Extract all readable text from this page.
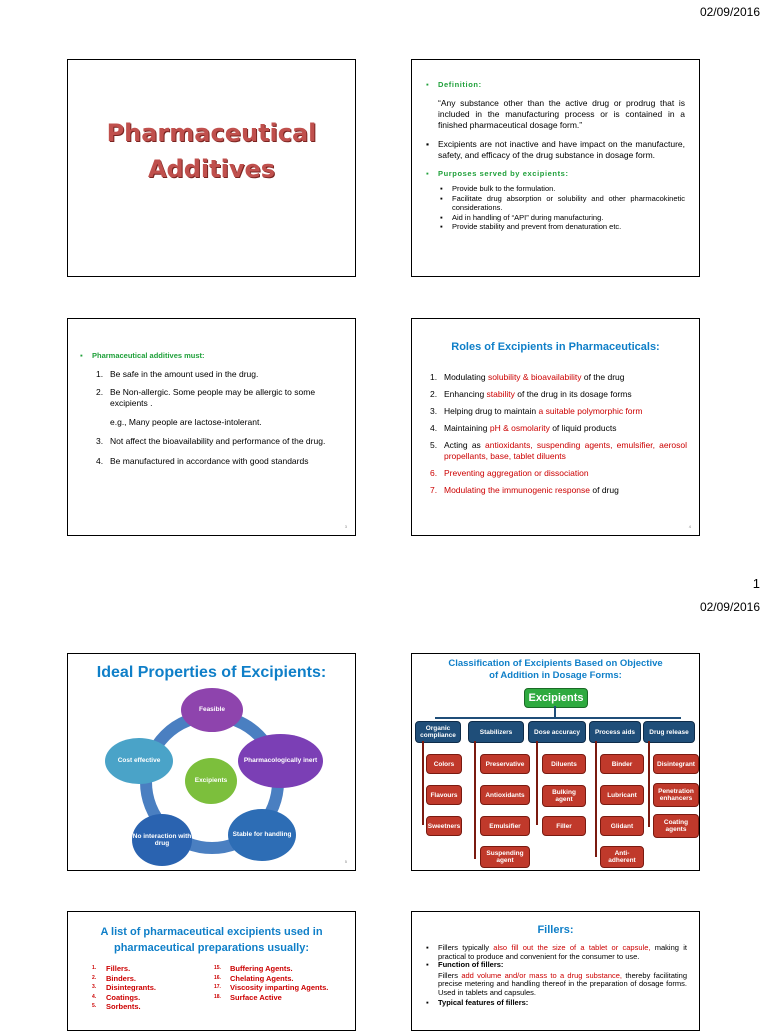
02/09/2016
1
02/09/2016
Pharmaceutical
Additives
▪ Definition:
“Any substance other than the active drug or prodrug that is included in the manufacturing process or is contained in a finished pharmaceutical dosage form.”
▪ Excipients are not inactive and have impact on the manufacture, safety, and efficacy of the drug substance in dosage form.
▪ Purposes served by excipients:
▪ Provide bulk to the formulation.
▪ Facilitate drug absorption or solubility and other pharmacokinetic considerations.
▪ Aid in handling of “API” during manufacturing.
▪ Provide stability and prevent from denaturation etc.
▪ Pharmaceutical additives must:
1. Be safe in the amount used in the drug.
2. Be Non-allergic. Some people may be allergic to some excipients .
e.g., Many people are lactose-intolerant.
3. Not affect the bioavailability and performance of the drug.
4. Be manufactured in accordance with good standards
3
Roles of Excipients in Pharmaceuticals:
1. Modulating solubility & bioavailability of the drug
2. Enhancing stability of the drug in its dosage forms
3. Helping drug to maintain a suitable polymorphic form
4. Maintaining pH & osmolarity of liquid products
5. Acting as antioxidants, suspending agents, emulsifier, aerosol propellants, base, tablet diluents
6. Preventing aggregation or dissociation
7. Modulating the immunogenic response of drug
4
Ideal Properties of Excipients:
Feasible
Pharmacologically inert
Stable for handling
No interaction with drug
Cost effective
Excipients
5
Classification of Excipients Based on Objective
of Addition in Dosage Forms:
Excipients
Organic compliance	Stabilizers	Dose accuracy	Process aids	Drug release
Colors
Flavours
Sweetners
Preservative
Antioxidants
Emulsifier
Suspending agent
Diluents
Bulking agent
Filler
Binder
Lubricant
Glidant
Anti-adherent
Disintegrant
Penetration enhancers
Coating agents
A list of pharmaceutical excipients used in
pharmaceutical preparations usually:
1.	Fillers.
2.	Binders.
3.	Disintegrants.
4.	Coatings.
5.	Sorbents.
15.	Buffering Agents.
16.	Chelating Agents.
17.	Viscosity imparting Agents.
18.	Surface Active
Fillers:
▪ Fillers typically also fill out the size of a tablet or capsule, making it practical to produce and convenient for the consumer to use.
▪ Function of fillers:
Fillers add volume and/or mass to a drug substance, thereby facilitating precise metering and handling thereof in the preparation of dosage forms. Used in tablets and capsules.
▪ Typical features of fillers:
